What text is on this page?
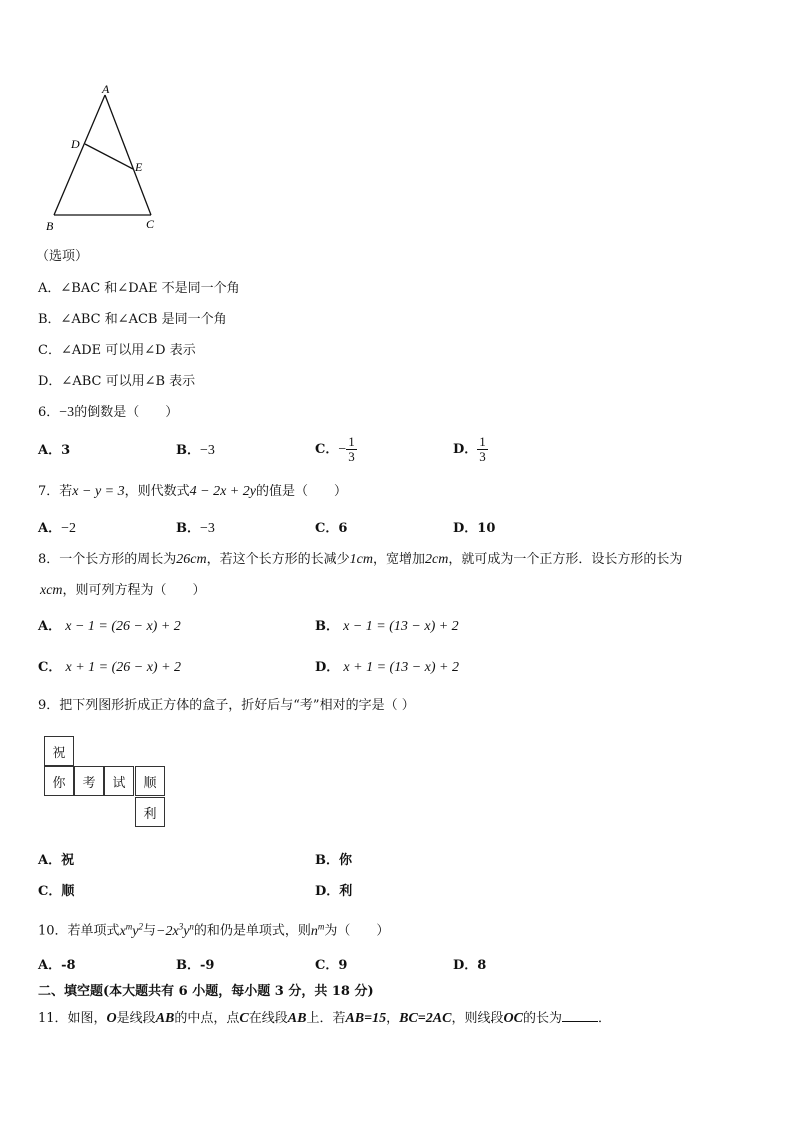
A
D
E
B	C
（选项）
A．∠BAC 和∠DAE 不是同一个角
B．∠ABC 和∠ACB 是同一个角
C．∠ADE 可以用∠D 表示
D．∠ABC 可以用∠B 表示
6．−3的倒数是（　　）
A．3	B．−3	C．− $\frac{1}{3}$	D． $\frac{1}{3}$
7．若x − y = 3，则代数式4 − 2x + 2y的值是（　　）
A．−2	B．−3	C．6	D．10
8．一个长方形的周长为26cm，若这个长方形的长减少1cm，宽增加2cm，就可成为一个正方形．设长方形的长为
xcm，则可列方程为（　　）
A． x − 1 = (26 − x) + 2	B． x − 1 = (13 − x) + 2
C． x + 1 = (26 − x) + 2	D． x + 1 = (13 − x) + 2
9．把下列图形折成正方体的盒子，折好后与“考”相对的字是（ ）
祝
你	考	试	顺
利
A．祝	B．你
C．顺	D．利
10．若单项式$x^my^2$与$-2x^3y^n$的和仍是单项式，则$n^m$为（　　）
A．-8	B．-9	C．9	D．8
二、填空题(本大题共有 6 小题，每小题 3 分，共 18 分)
11．如图，O是线段AB的中点，点C在线段AB上．若AB=15，BC=2AC，则线段OC的长为	．
